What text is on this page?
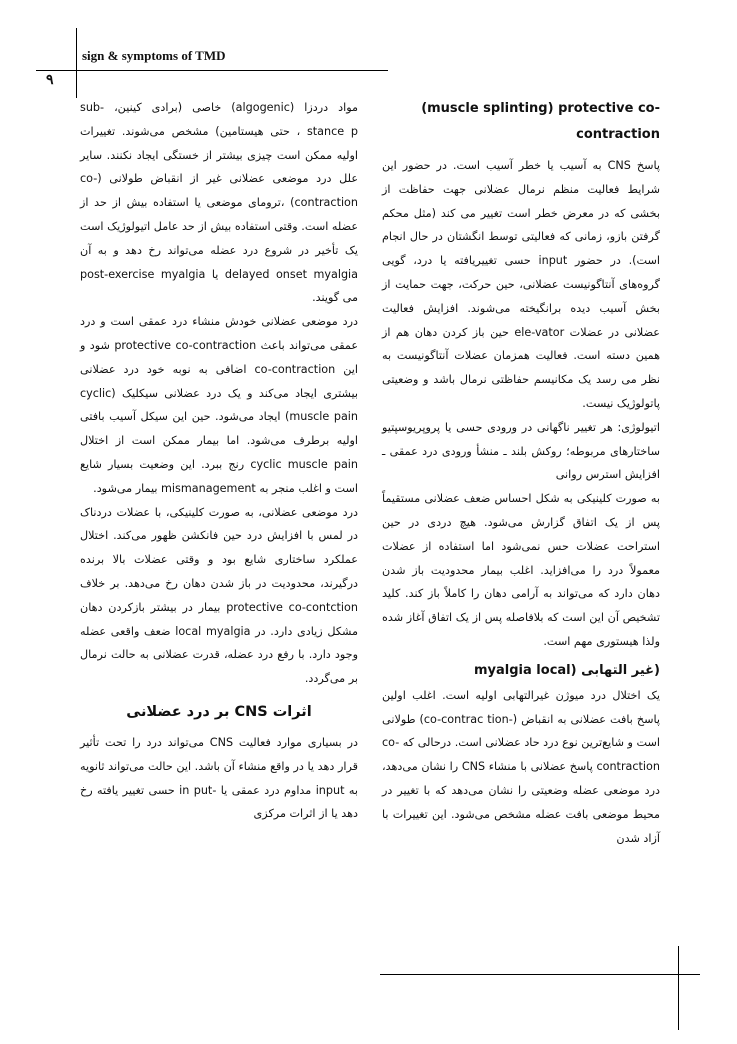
sign & symptoms of TMD
۹

(muscle splinting) protective co-contraction

پاسخ CNS به آسیب یا خطر آسیب است. در حضور این شرایط فعالیت منظم نرمال عضلانی جهت حفاظت از بخشی که در معرض خطر است تغییر می کند (مثل محکم گرفتن بازو، زمانی که فعالیتی توسط انگشتان در حال انجام است). در حضور input حسی تغییریافته یا درد، گویی گروه‌های آنتاگونیست عضلانی، حین حرکت، جهت حمایت از بخش آسیب دیده برانگیخته می‌شوند. افزایش فعالیت عضلانی در عضلات ele-vator حین باز کردن دهان هم از همین دسته است. فعالیت همزمان عضلات آنتاگونیست به نظر می رسد یک مکانیسم حفاظتی نرمال باشد و وضعیتی پاتولوژیک نیست.

اتیولوژی: هر تغییر ناگهانی در ورودی حسی یا پروپریوسپتیو ساختارهای مربوطه؛ روکش بلند ـ منشأ ورودی درد عمقی ـ افزایش استرس روانی

به صورت کلینیکی به شکل احساس ضعف عضلانی مستقیماً پس از یک اتفاق گزارش می‌شود. هیچ دردی در حین استراحت عضلات حس نمی‌شود اما استفاده از عضلات معمولاً درد را می‌افزاید. اغلب بیمار محدودیت باز شدن دهان دارد که می‌تواند به آرامی دهان را کاملاً باز کند. کلید تشخیص آن این است که بلافاصله پس از یک اتفاق آغاز شده ولذا هیستوری مهم است.

(غیر التهابی (myalgia local

یک اختلال درد میوژن غیرالتهابی اولیه است. اغلب اولین پاسخ بافت عضلانی به انقباض (-co-contrac tion) طولانی است و شایع‌ترین نوع درد حاد عضلانی است. درحالی که co-contraction پاسخ عضلانی با منشاء CNS را نشان می‌دهد، درد موضعی عضله وضعیتی را نشان می‌دهد که با تغییر در محیط موضعی بافت عضله مشخص می‌شود. این تغییرات با آزاد شدن

مواد دردزا (algogenic) خاصی (برادی کینین، -sub stance p ، حتی هیستامین) مشخص می‌شوند. تغییرات اولیه ممکن است چیزی بیشتر از خستگی ایجاد نکنند. سایر علل درد موضعی عضلانی غیر از انقباض طولانی (co-contraction) ،ترومای موضعی یا استفاده بیش از حد از عضله است. وقتی استفاده بیش از حد عامل اتیولوژیک است یک تأخیر در شروع درد عضله می‌تواند رخ دهد و به آن delayed onset myalgia یا post-exercise myalgia می گویند.

درد موضعی عضلانی خودش منشاء درد عمقی است و درد عمقی می‌تواند باعث protective co-contraction شود و این co-contraction اضافی به نوبه خود درد عضلانی بیشتری ایجاد می‌کند و یک درد عضلانی سیکلیک (cyclic muscle pain) ایجاد می‌شود. حین این سیکل آسیب بافتی اولیه برطرف می‌شود. اما بیمار ممکن است از اختلال cyclic muscle pain رنج ببرد. این وضعیت بسیار شایع است و اغلب منجر به mismanagement بیمار می‌شود.

درد موضعی عضلانی، به صورت کلینیکی، با عضلات دردناک در لمس با افزایش درد حین فانکشن ظهور می‌کند. اختلال عملکرد ساختاری شایع بود و وقتی عضلات بالا برنده درگیرند، محدودیت در باز شدن دهان رخ می‌دهد. بر خلاف protective co-contction بیمار در بیشتر بازکردن دهان مشکل زیادی دارد. در local myalgia ضعف واقعی عضله وجود دارد. با رفع درد عضله، قدرت عضلانی به حالت نرمال بر می‌گردد.

اثرات CNS بر درد عضلانی

در بسیاری موارد فعالیت CNS می‌تواند درد را تحت تأثیر قرار دهد یا در واقع منشاء آن باشد. این حالت می‌تواند ثانویه به input مداوم درد عمقی یا -in put حسی تغییر یافته رخ دهد یا از اثرات مرکزی
